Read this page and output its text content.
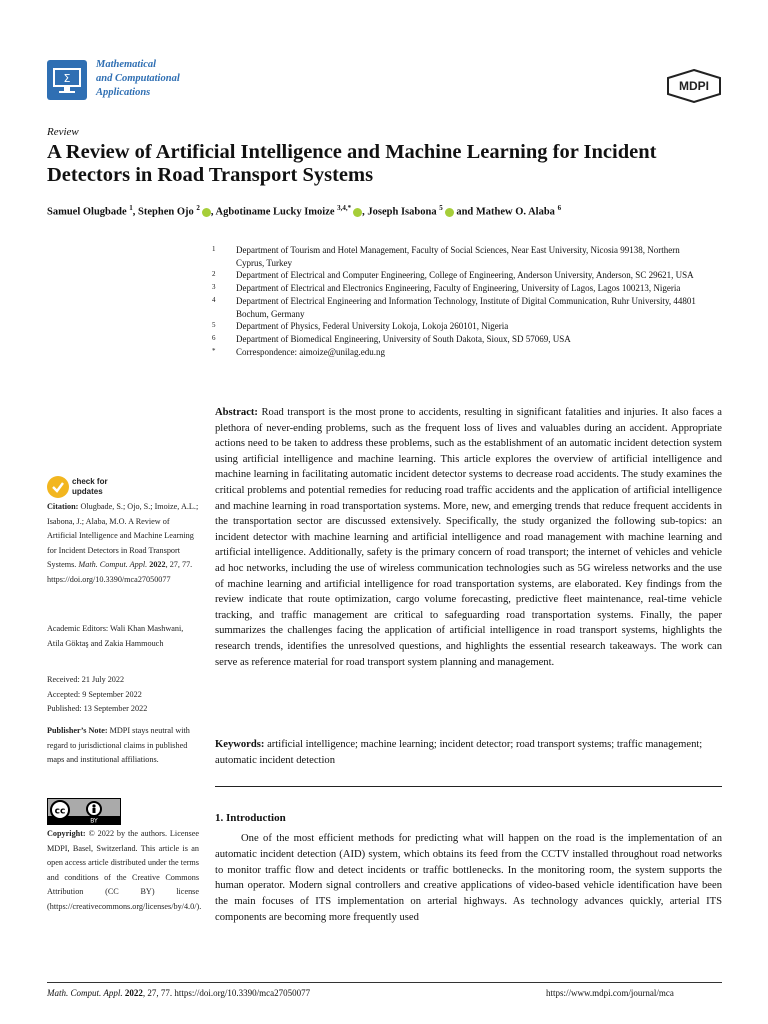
Σ
Mathematical
and Computational
Applications	MDPI
Review
A Review of Artificial Intelligence and Machine Learning for Incident Detectors in Road Transport Systems
Samuel Olugbade $^1$, Stephen Ojo $^2$ , Agbotiname Lucky Imoize $^{3,4,*}$ , Joseph Isabona $^5$ and Mathew O. Alaba $^6$
1	Department of Tourism and Hotel Management, Faculty of Social Sciences, Near East University, Nicosia 99138, Northern Cyprus, Turkey
2	Department of Electrical and Computer Engineering, College of Engineering, Anderson University, Anderson, SC 29621, USA
3	Department of Electrical and Electronics Engineering, Faculty of Engineering, University of Lagos, Lagos 100213, Nigeria
4	Department of Electrical Engineering and Information Technology, Institute of Digital Communication, Ruhr University, 44801 Bochum, Germany
5	Department of Physics, Federal University Lokoja, Lokoja 260101, Nigeria
6	Department of Biomedical Engineering, University of South Dakota, Sioux, SD 57069, USA
*	Correspondence: aimoize@unilag.edu.ng
Abstract: Road transport is the most prone to accidents, resulting in significant fatalities and injuries. It also faces a plethora of never-ending problems, such as the frequent loss of lives and valuables during an accident. Appropriate actions need to be taken to address these problems, such as the establishment of an automatic incident detection system using artificial intelligence and machine learning. This article explores the overview of artificial intelligence and machine learning in facilitating automatic incident detector systems to decrease road accidents. The study examines the critical problems and potential remedies for reducing road traffic accidents and the application of artificial intelligence and machine learning in road transportation systems. More, new, and emerging trends that reduce frequent accidents in the transportation sector are discussed extensively. Specifically, the study organized the following sub-topics: an incident detector with machine learning and artificial intelligence and road management with machine learning and artificial intelligence. Additionally, safety is the primary concern of road transport; the internet of vehicles and vehicle ad hoc networks, including the use of wireless communication technologies such as 5G wireless networks and the use of machine learning and artificial intelligence for road transportation systems, are elaborated. Key findings from the review indicate that route optimization, cargo volume forecasting, predictive fleet maintenance, real-time vehicle tracking, and traffic management are critical to safeguarding road transportation systems. Finally, the paper summarizes the challenges facing the application of artificial intelligence in road transport systems, highlights the research trends, identifies the unresolved questions, and highlights the essential research takeaways. The work can serve as reference material for road transport system planning and management.
Keywords: artificial intelligence; machine learning; incident detector; road transport systems; traffic management; automatic incident detection
1. Introduction
One of the most efficient methods for predicting what will happen on the road is the implementation of an automatic incident detection (AID) system, which obtains its feed from the CCTV installed throughout road networks to monitor traffic flow and detect incidents or traffic bottlenecks. In the monitoring room, the system supports the human operator. Modern signal controllers and creative applications of video-based vehicle identification have been the main focuses of ITS implementation on arterial highways. As technology advances quickly, arterial ITS components are becoming more frequently used
check for
updates
Citation: Olugbade, S.; Ojo, S.; Imoize, A.L.; Isabona, J.; Alaba, M.O. A Review of Artificial Intelligence and Machine Learning for Incident Detectors in Road Transport Systems. Math. Comput. Appl. 2022, 27, 77. https://doi.org/10.3390/mca27050077
Academic Editors: Wali Khan Mashwani, Atila Göktaş and Zakia Hammouch
Received: 21 July 2022
Accepted: 9 September 2022
Published: 13 September 2022
Publisher’s Note: MDPI stays neutral with regard to jurisdictional claims in published maps and institutional affiliations.
cc
BY
Copyright: © 2022 by the authors. Licensee MDPI, Basel, Switzerland. This article is an open access article distributed under the terms and conditions of the Creative Commons Attribution (CC BY) license (https://creativecommons.org/licenses/by/4.0/).
Math. Comput. Appl. 2022, 27, 77. https://doi.org/10.3390/mca27050077	https://www.mdpi.com/journal/mca
